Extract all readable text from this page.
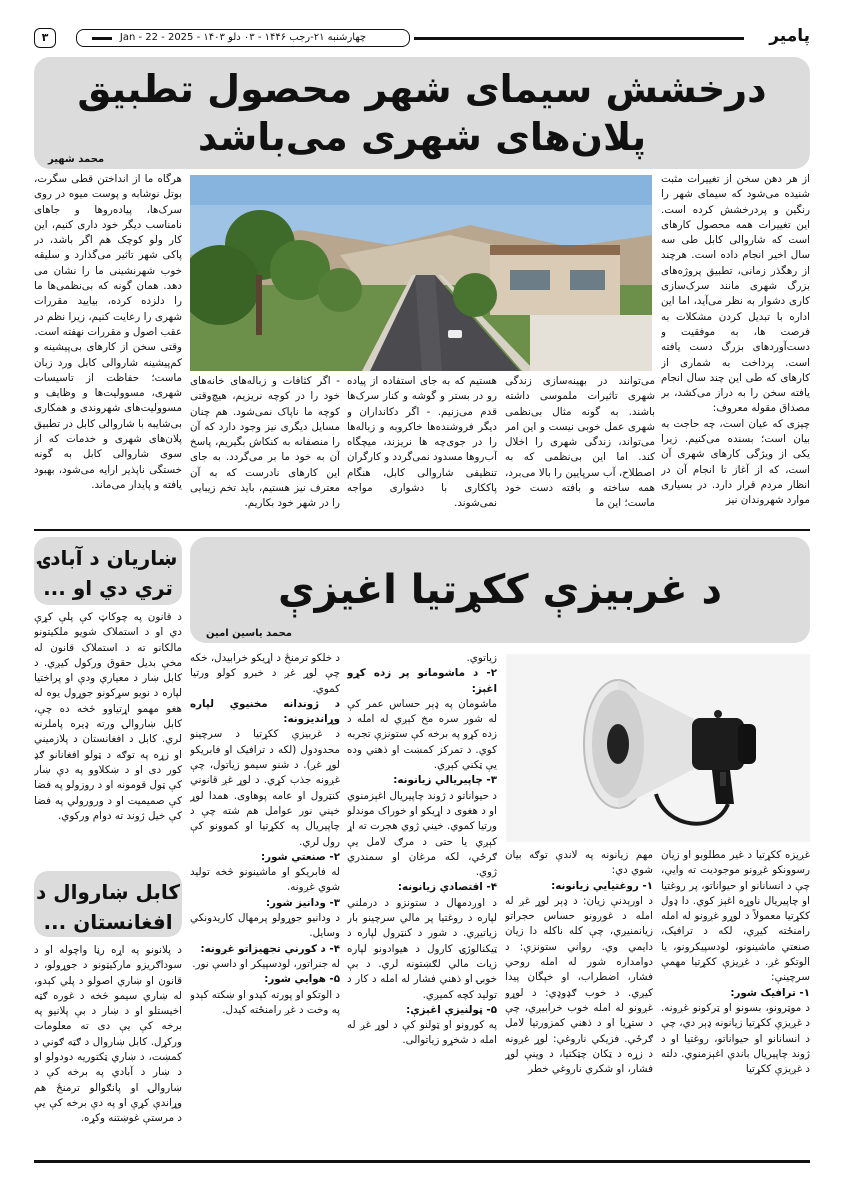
پامیر
چهارشنبه ۲۱-رجب ۱۴۴۶ - ۰۳ دلو ۱۴۰۳ - Jan - 22 - 2025
۳
درخشش سیمای شهر محصول تطبیق پلان‌های شهری می‌باشد
محمد شهیر

از هر دهن سخن از تغییرات مثبت شنیده می‌شود که سیمای شهر را رنگین و پردرخشش کرده است. این تغییرات همه محصول کارهای است که شاروالی کابل طی سه سال اخیر انجام داده است. هرچند از رهگذر زمانی، تطبیق پروژه‌های بزرگ شهری مانند سرک‌سازی کاری دشوار به نظر می‌آید، اما این اداره با تبدیل کردن مشکلات به فرصت ها، به موفقیت و دست‌آوردهای بزرگ دست یافته است. پرداخت به شماری از کارهای که طی این چند سال انجام یافته سخن را به دراز می‌کشد، بر مصداق مقوله معروف:

چیزی که عیان است، چه حاجت به بیان است؛ بسنده می‌کنیم. زیرا یکی از ویژگی کارهای شهری آن است، که از آغاز تا انجام آن در انظار مردم قرار دارد. در بسیاری موارد شهروندان نیز

می‌توانند در بهینه‌سازی زندگی شهری تاثیرات ملموسی داشته باشند. به گونه مثال بی‌نظمی شهری عمل خوبی نیست و این امر می‌تواند، زندگی شهری را اخلال کند. اما این بی‌نظمی که به اصطلاح، آب سرپایین را بالا می‌برد، همه ساخته و بافته دست خود ماست؛ این ما

هستیم که به جای استفاده از پیاده رو در بستر و گوشه و کنار سرک‌ها قدم می‌زنیم. - اگر دکانداران و دیگر فروشنده‌ها خاکروبه و زباله‌ها را در جوی‌چه ها نریزند، میچگاه آب‌روها مسدود نمی‌گردد و کارگران تنظیفی شاروالی کابل، هنگام پاککاری با دشواری مواجه نمی‌شوند.

- اگر کثافات و زباله‌های خانه‌های خود را در کوچه نریزیم، هیچ‌وقتی کوچه ما ناپاک نمی‌شود. هم چنان مسایل دیگری نیز وجود دارد که آن را منصفانه به کنکاش بگیریم، پاسخ آن به خود ما بر می‌گردد. به جای این کارهای نادرست که به آن معترف نیز هستیم، باید تخم زیبایی را در شهر خود بکاریم.

هرگاه ما از انداختن قطی سگرت، بوتل نوشابه و پوست میوه در روی سرک‌ها، پیاده‌روها و جاهای نامناسب دیگر خود داری کنیم، این کار ولو کوچک هم اگر باشد، در پاکی شهر تاثیر می‌گذارد و سلیقه خوب شهرنشینی ما را نشان می دهد. همان گونه که بی‌نظمی‌ها ما را دلزده کرده، بیایید مقررات شهری را رعایت کنیم، زیرا نظم در عقب اصول و مقررات نهفته است.

وقتی سخن از کارهای بی‌پیشینه و کم‌پیشینه شاروالی کابل ورد زبان ماست؛ حفاظت از تاسیسات شهری، مسوولیت‌ها و وظایف و مسوولیت‌های شهروندی و همکاری بی‌شایبه با شاروالی کابل در تطبیق پلان‌های شهری و خدمات که از سوی شاروالی کابل به گونه خستگی ناپذیر ارایه می‌شود، بهبود یافته و پایدار می‌ماند.

د غربيزې ککړتيا اغيزې
محمد یاسین امین
ښاريان د آبادۍ تري دي او ...

د قانون په چوکاټ کې پلې کړې دي او د استملاک شويو ملکيتونو مالکانو ته د استملاک قانون له مخې بديل حقوق ورکول کيږي. د کابل ښار د معياري ودې او پراختيا لپاره د نويو سړکونو جوړول يوه له هغو مهمو اړتياوو څخه ده چې، کابل ښاروالۍ ورته ډيره پاملرنه لري. کابل د افغانستان د پلازميني او زړه په توګه د ټولو افغانانو ګډ کور دی او د ښکلاوو په دې ښار کې ټول قومونه او د روزولو په فضا کې صميميت او د ورورولي په فضا کې خيل ژوند ته دوام ورکوي.

کابل ښاروال د افغانستان ...

د پلانونو په اړه رڼا واچوله او د سوداګريزو مارکيټونو د جوړولو، د قانون او ښاري اصولو د پلي کېدو، له ښاري سيمو څخه د غوره ګټه اخيستلو او د ښار د بې پلانيو په برخه کې يې دی ته معلومات ورکړل. کابل ښاروال د ګټه ګوني د کمښت، د ښاري ټکتوريه دودولو او د ښار د آبادي په برخه کې د ښاروالۍ او پانګوالو ترمنځ هم وړاندې کړې او په دې برخه کې يې د مرستې غوښتنه وکړه.

د خلکو ترمنځ د اړيکو خرابيدل، خکه چې لوړ غږ د خبرو کولو ورتيا کموي.

د ژوندانه مخنیوي لپاره وړانديزونه:

د غربيزې ککړتيا د سرچينو محدودول (لکه د ترافيک او فابريکو لوړ غږ). د شنو سيمو زياتول، چې غږونه جذب کړي. د لوړ غږ قانوني کنټرول او عامه پوهاوی. همدا لوړ خيني نور عوامل هم شته چې د چاپيريال په ککړتيا او کموونو کې رول لري.

۲- صنعتي شور:

له فابريکو او ماشينونو څخه توليد شوي غږونه.

۳- ودانيز شور:

د ودانيو جوړولو پرمهال کاريدونکي وسايل.

۴- د کورني تجهيزاتو غږونه:

له جنراتور، لودسپيکر او داسې نور.

۵- هوايي شور:

د الوتکو او پورته کېدو او ښکته کېدو په وخت د غږ رامنځته کيدل.

زياتوي.

۲- د ماشومانو پر زده کړو اغېز:

ماشومان په ډېر حساس عمر کې له شور سره مخ کېږي له امله د زده کړو په برخه کې ستونزې تجربه کوي. د تمرکز کمښت او ذهني وده يې ټکني کېږي.

۳- چاپيريالي زيانونه:

د حيواناتو د ژوند چاپيريال اغېزمنوي او د هغوی د اړيکو او خوراک موندلو ورتيا کموي. خيني ژوي هجرت ته اړ کېږي يا حتی د مرګ لامل يې ګرځي، لکه مرغان او سمندري ژوي.

۴- اقتصادي زيانونه:

د اوږدمهال د ستونزو د درملني لپاره د روغتيا پر مالي سرچينو بار زياتيږي. د شور د کنټرول لپاره د ټيکنالوژۍ کارول د هيوادونو لپاره زيات مالي لګښتونه لري. د بې خوبۍ او ذهني فشار له امله د کار د توليد کچه کميږي.

۵- ټولنيزې اغېزې:

په کورونو او ټولنو کې د لوړ غږ له امله د شخړو زياتوالی.

مهم زيانونه په لاندې توګه بيان شوي دي:

۱- روغتيايي زيانونه:

د اورېدنې زيان: د ډېر لوړ غږ له امله د غوږونو حساس حجراتو زيانمنيږي، چې کله ناکله دا زيان دايمي وي. رواني ستونزې: د دوامداره شور له امله روحي فشار، اضطراب، او خپگان پيدا کيږي. د خوب ګډوډي: د لوړو غږونو له امله خوب خرابيږي، چې د ستړيا او د ذهني کمزورتيا لامل ګرځي. فزيکي ناروغي: لوړ غږونه د زړه د ټکان چټکتيا، د وينې لوړ فشار، او شکري ناروغي خطر

غږيزه ککړتيا د غير مطلوبو او زيان رسوونکو غږونو موجوديت ته وايي، چې د انسانانو او حيواناتو، پر روغتيا او چاپيريال ناوړه اغېز کوي. دا ډول ککړتيا معمولاً د لوړو غږونو له امله رامنځته کيږي، لکه د ترافيک، صنعتي ماشينونو، لودسپيکرونو، يا الوتکو غږ. د غږيزې ککړتيا مهمې سرچينې:

۱- ترافيک شور:

د موټرونو، بسونو او ټرکونو غږونه. د غږيزې ککړتيا زيانونه ډېر دي، چې د انسانانو او حيواناتو، روغتيا او د ژوند چاپيريال باندې اغېزمنوي. دلته د غږيزې ککړتيا
